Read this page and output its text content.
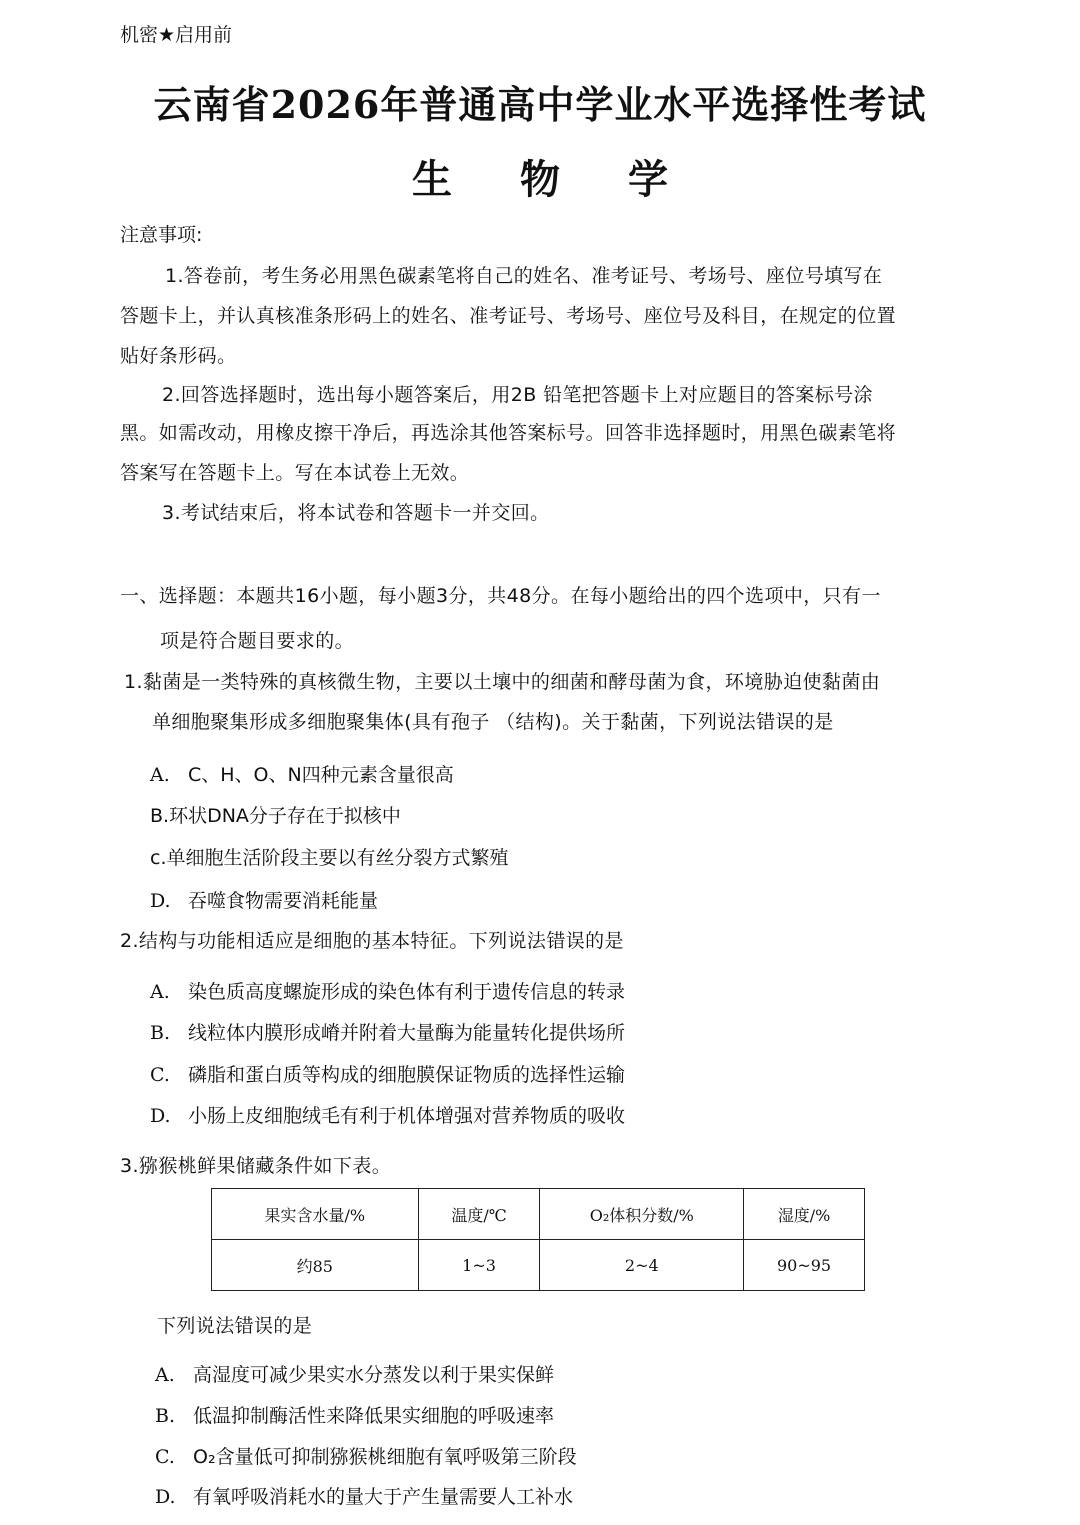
机密★启用前
云南省2026年普通高中学业水平选择性考试
生 物 学
注意事项:
1.答卷前，考生务必用黑色碳素笔将自己的姓名、准考证号、考场号、座位号填写在
答题卡上，并认真核准条形码上的姓名、准考证号、考场号、座位号及科目，在规定的位置
贴好条形码。
2.回答选择题时，选出每小题答案后，用2B 铅笔把答题卡上对应题目的答案标号涂
黑。如需改动，用橡皮擦干净后，再选涂其他答案标号。回答非选择题时，用黑色碳素笔将
答案写在答题卡上。写在本试卷上无效。
3.考试结束后，将本试卷和答题卡一并交回。
一、选择题：本题共16小题，每小题3分，共48分。在每小题给出的四个选项中，只有一
项是符合题目要求的。
1.黏菌是一类特殊的真核微生物，主要以土壤中的细菌和酵母菌为食，环境胁迫使黏菌由
单细胞聚集形成多细胞聚集体(具有孢子 （结构)。关于黏菌，下列说法错误的是
A. C、H、O、N四种元素含量很高
B.环状DNA分子存在于拟核中
c.单细胞生活阶段主要以有丝分裂方式繁殖
D. 吞噬食物需要消耗能量
2.结构与功能相适应是细胞的基本特征。下列说法错误的是
A. 染色质高度螺旋形成的染色体有利于遗传信息的转录
B. 线粒体内膜形成嵴并附着大量酶为能量转化提供场所
C. 磷脂和蛋白质等构成的细胞膜保证物质的选择性运输
D. 小肠上皮细胞绒毛有利于机体增强对营养物质的吸收
3.猕猴桃鲜果储藏条件如下表。
果实含水量/%	温度/℃	O₂体积分数/%	湿度/%
约85	1~3	2~4	90~95
下列说法错误的是
A. 高湿度可减少果实水分蒸发以利于果实保鲜
B. 低温抑制酶活性来降低果实细胞的呼吸速率
C. O₂含量低可抑制猕猴桃细胞有氧呼吸第三阶段
D. 有氧呼吸消耗水的量大于产生量需要人工补水
